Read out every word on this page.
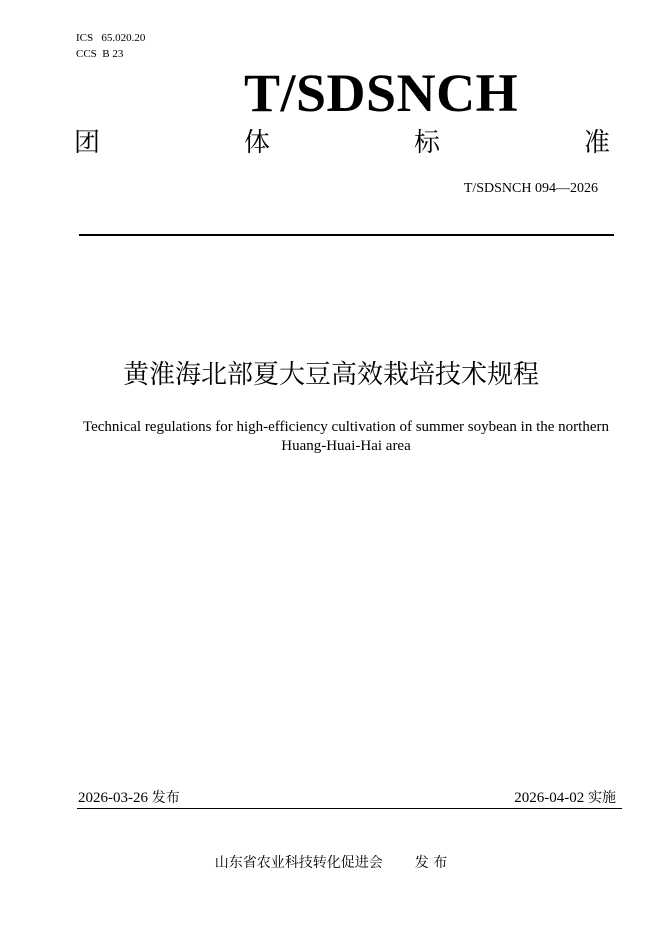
ICS   65.020.20
CCS  B 23
T/SDSNCH
团	体	标	准
T/SDSNCH 094—2026
黄淮海北部夏大豆高效栽培技术规程
Technical regulations for high-efficiency cultivation of summer soybean in the northern Huang-Huai-Hai area
2026-03-26 发布	2026-04-02 实施
山东省农业科技转化促进会 发 布
